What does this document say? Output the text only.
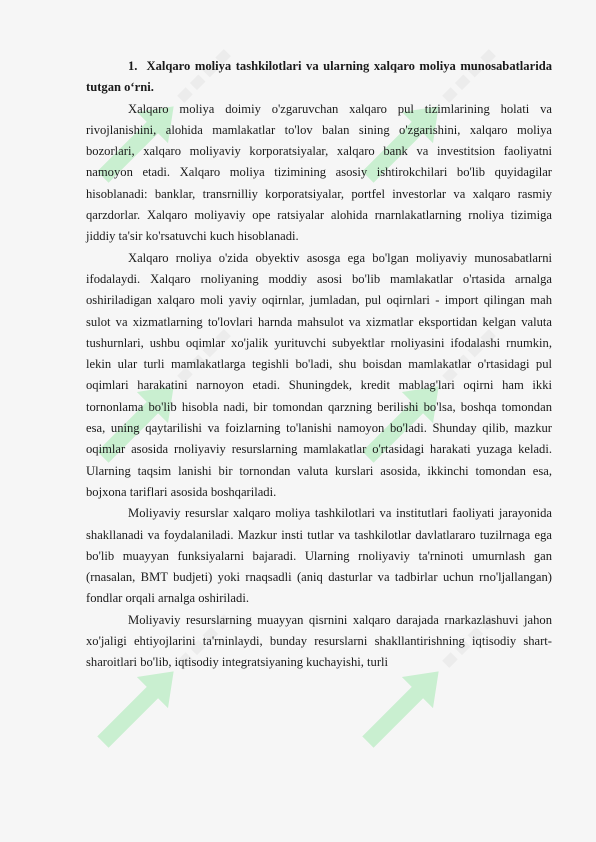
1.  Xalqaro moliya tashkilotlari va ularning xalqaro moliya munosabatlarida tutgan o‘rni.

Xalqaro moliya doimiy o'zgaruvchan xalqaro pul tizimlarining holati va rivojlanishini, alohida mamlakatlar to'lov balan sining o'zgarishini, xalqaro moliya bozorlari, xalqaro moliyaviy korporatsiyalar, xalqaro bank va investitsion faoliyatni namoyon etadi. Xalqaro moliya tizimining asosiy ishtirokchilari bo'lib quyidagilar hisoblanadi: banklar, transrnilliy korporatsiyalar, portfel investorlar va xalqaro rasmiy qarzdorlar. Xalqaro moliyaviy ope ratsiyalar alohida rnarnlakatlarning rnoliya tizimiga jiddiy ta'sir ko'rsatuvchi kuch hisoblanadi.

Xalqaro rnoliya o'zida obyektiv asosga ega bo'lgan moliyaviy munosabatlarni ifodalaydi. Xalqaro rnoliyaning moddiy asosi bo'lib mamlakatlar o'rtasida arnalga oshiriladigan xalqaro moli yaviy oqirnlar, jumladan, pul oqirnlari - import qilingan mah sulot va xizmatlarning to'lovlari harnda mahsulot va xizmatlar eksportidan kelgan valuta tushurnlari, ushbu oqimlar xo'jalik yurituvchi subyektlar rnoliyasini ifodalashi rnumkin, lekin ular turli mamlakatlarga tegishli bo'ladi, shu boisdan mamlakatlar o'rtasidagi pul oqimlari harakatini narnoyon etadi. Shuningdek, kredit mablag'lari oqirni ham ikki tornonlama bo'lib hisobla nadi, bir tomondan qarzning berilishi bo'lsa, boshqa tomondan esa, uning qaytarilishi va foizlarning to'lanishi namoyon bo'ladi. Shunday qilib, mazkur oqimlar asosida rnoliyaviy resurslarning mamlakatlar o'rtasidagi harakati yuzaga keladi. Ularning taqsim lanishi bir tornondan valuta kurslari asosida, ikkinchi tomondan esa, bojxona tariflari asosida boshqariladi.

Moliyaviy resurslar xalqaro moliya tashkilotlari va institutlari faoliyati jarayonida shakllanadi va foydalaniladi. Mazkur insti tutlar va tashkilotlar davlatlararo tuzilrnaga ega bo'lib muayyan funksiyalarni bajaradi. Ularning rnoliyaviy ta'rninoti umurnlash gan (rnasalan, BMT budjeti) yoki rnaqsadli (aniq dasturlar va tadbirlar uchun rno'ljallangan) fondlar orqali arnalga oshiriladi.

Moliyaviy resurslarning muayyan qisrnini xalqaro darajada rnarkazlashuvi jahon xo'jaligi ehtiyojlarini ta'rninlaydi, bunday resurslarni shakllantirishning iqtisodiy shart-sharoitlari bo'lib, iqtisodiy integratsiyaning kuchayishi, turli
